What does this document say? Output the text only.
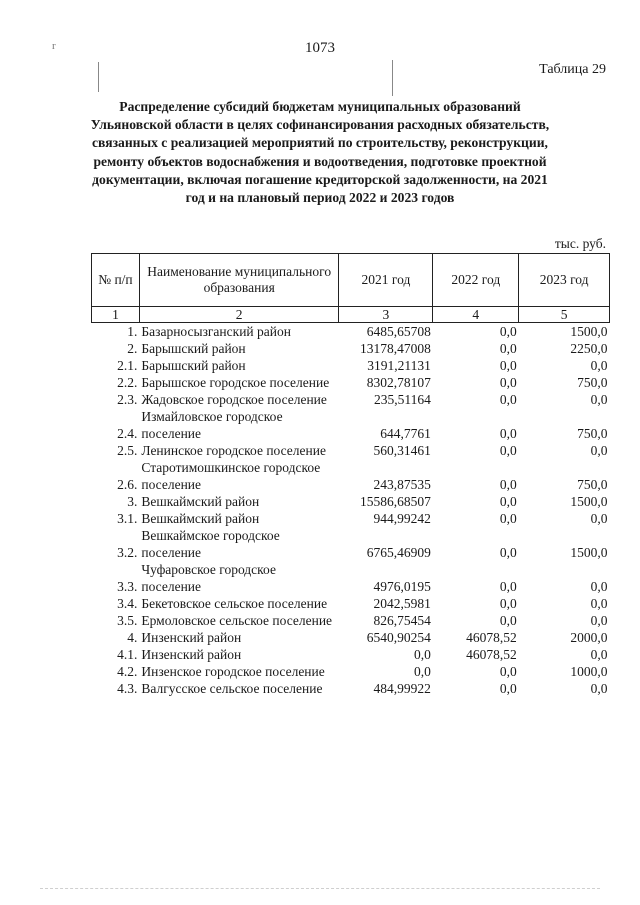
r	1073
Таблица 29
Распределение субсидий бюджетам муниципальных образований Ульяновской области в целях софинансирования расходных обязательств, связанных с реализацией мероприятий по строительству, реконструкции, ремонту объектов водоснабжения и водоотведения, подготовке проектной документации, включая погашение кредиторской задолженности, на 2021 год и на плановый период 2022 и 2023 годов
тыс. руб.
№ п/п	Наименование муниципального образования	2021 год	2022 год	2023 год
1	2	3	4	5
1.	Базарносызганский район	6485,65708	0,0	1500,0
2.	Барышский район	13178,47008	0,0	2250,0
2.1.	Барышский район	3191,21131	0,0	0,0
2.2.	Барышское городское поселение	8302,78107	0,0	750,0
2.3.	Жадовское городское поселение	235,51164	0,0	0,0
2.4.	Измайловское городское поселение	644,7761	0,0	750,0
2.5.	Ленинское городское поселение	560,31461	0,0	0,0
2.6.	Старотимошкинское городское поселение	243,87535	0,0	750,0
3.	Вешкаймский район	15586,68507	0,0	1500,0
3.1.	Вешкаймский район	944,99242	0,0	0,0
3.2.	Вешкаймское городское поселение	6765,46909	0,0	1500,0
3.3.	Чуфаровское городское поселение	4976,0195	0,0	0,0
3.4.	Бекетовское сельское поселение	2042,5981	0,0	0,0
3.5.	Ермоловское сельское поселение	826,75454	0,0	0,0
4.	Инзенский район	6540,90254	46078,52	2000,0
4.1.	Инзенский район	0,0	46078,52	0,0
4.2.	Инзенское городское поселение	0,0	0,0	1000,0
4.3.	Валгусское сельское поселение	484,99922	0,0	0,0
